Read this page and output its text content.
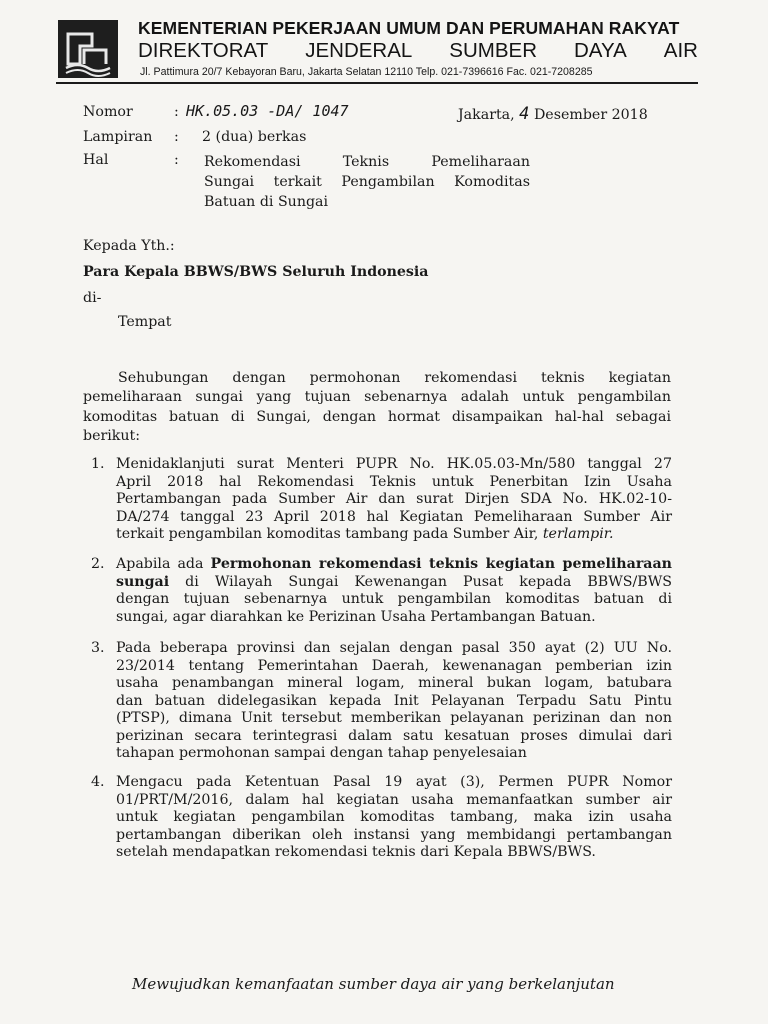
KEMENTERIAN PEKERJAAN UMUM DAN PERUMAHAN RAKYAT
DIREKTORAT JENDERAL SUMBER DAYA AIR
Jl. Pattimura 20/7 Kebayoran Baru, Jakarta Selatan 12110 Telp. 021-7396616 Fac. 021-7208285
Nomor	: HK.05.03 -DA/ 1047	Jakarta, 4 Desember 2018
Lampiran : 2 (dua) berkas
Hal	: Rekomendasi Teknis Pemeliharaan
Sungai terkait Pengambilan Komoditas
Batuan di Sungai
Kepada Yth.:
Para Kepala BBWS/BWS Seluruh Indonesia
di-
Tempat
Sehubungan dengan permohonan rekomendasi teknis kegiatan
pemeliharaan sungai yang tujuan sebenarnya adalah untuk pengambilan
komoditas batuan di Sungai, dengan hormat disampaikan hal-hal sebagai
berikut:
1. Menidaklanjuti surat Menteri PUPR No. HK.05.03-Mn/580 tanggal 27
April 2018 hal Rekomendasi Teknis untuk Penerbitan Izin Usaha
Pertambangan pada Sumber Air dan surat Dirjen SDA No. HK.02-10-
DA/274 tanggal 23 April 2018 hal Kegiatan Pemeliharaan Sumber Air
terkait pengambilan komoditas tambang pada Sumber Air, terlampir.
2. Apabila ada Permohonan rekomendasi teknis kegiatan pemeliharaan
sungai di Wilayah Sungai Kewenangan Pusat kepada BBWS/BWS
dengan tujuan sebenarnya untuk pengambilan komoditas batuan di
sungai, agar diarahkan ke Perizinan Usaha Pertambangan Batuan.
3. Pada beberapa provinsi dan sejalan dengan pasal 350 ayat (2) UU No.
23/2014 tentang Pemerintahan Daerah, kewenanagan pemberian izin
usaha penambangan mineral logam, mineral bukan logam, batubara
dan batuan didelegasikan kepada Init Pelayanan Terpadu Satu Pintu
(PTSP), dimana Unit tersebut memberikan pelayanan perizinan dan non
perizinan secara terintegrasi dalam satu kesatuan proses dimulai dari
tahapan permohonan sampai dengan tahap penyelesaian
4. Mengacu pada Ketentuan Pasal 19 ayat (3), Permen PUPR Nomor
01/PRT/M/2016, dalam hal kegiatan usaha memanfaatkan sumber air
untuk kegiatan pengambilan komoditas tambang, maka izin usaha
pertambangan diberikan oleh instansi yang membidangi pertambangan
setelah mendapatkan rekomendasi teknis dari Kepala BBWS/BWS.
Mewujudkan kemanfaatan sumber daya air yang berkelanjutan
